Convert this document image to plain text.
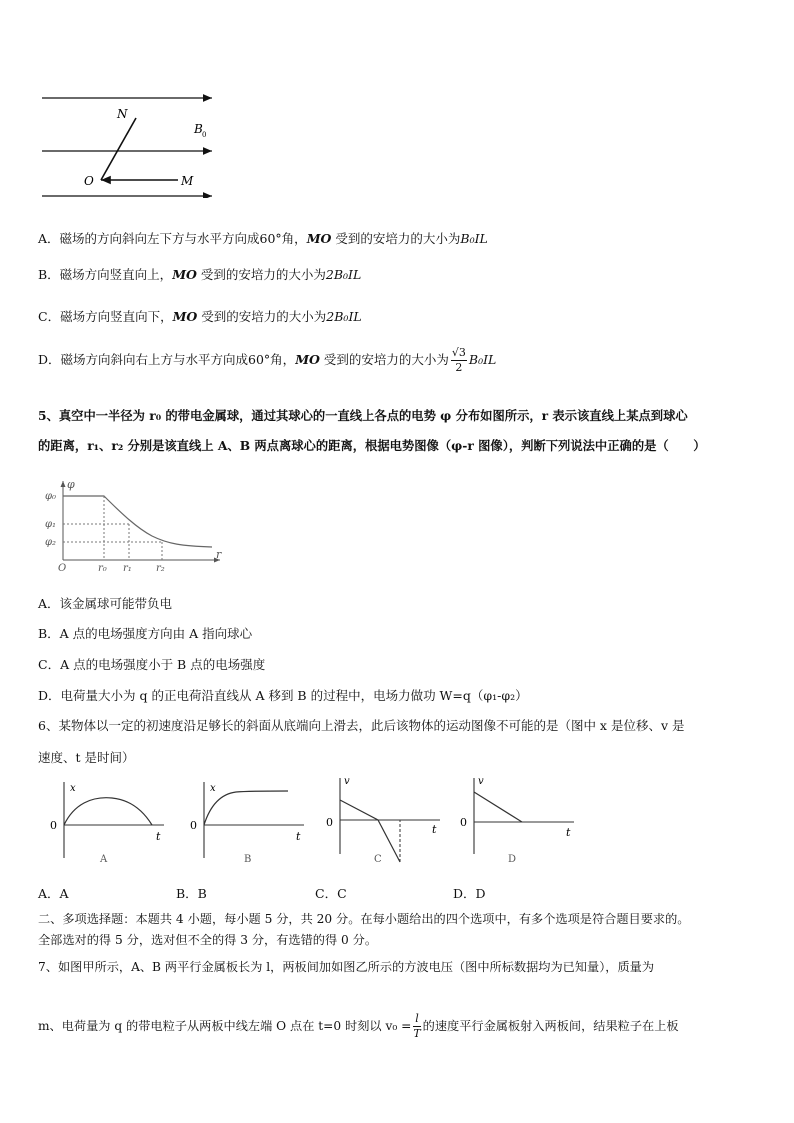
N
B 0
O	M
A．磁场的方向斜向左下方与水平方向成60°角，MO 受到的安培力的大小为B₀IL
B．磁场方向竖直向上，MO 受到的安培力的大小为2B₀IL
C．磁场方向竖直向下，MO 受到的安培力的大小为2B₀IL
D．磁场方向斜向右上方与水平方向成60°角，MO 受到的安培力的大小为 $\frac{√3}{2} B_0IL$
5、真空中一半径为 r₀ 的带电金属球，通过其球心的一直线上各点的电势 φ 分布如图所示，r 表示该直线上某点到球心
的距离，r₁、r₂ 分别是该直线上 A、B 两点离球心的距离，根据电势图像（φ-r 图像），判断下列说法中正确的是（　　）
φ
φ₀
φ₁
φ₂
O	r₀ r₁ r₂
r
A．该金属球可能带负电
B．A 点的电场强度方向由 A 指向球心
C．A 点的电场强度小于 B 点的电场强度
D．电荷量大小为 q 的正电荷沿直线从 A 移到 B 的过程中，电场力做功 W=q（φ₁-φ₂）
6、某物体以一定的初速度沿足够长的斜面从底端向上滑去，此后该物体的运动图像不可能的是（图中 x 是位移、v 是
速度、t 是时间）
x
0
t
A
x
0
t
B
v
0
t
C
v
0
t
D
A．A	B．B	C．C	D．D
二、多项选择题：本题共 4 小题，每小题 5 分，共 20 分。在每小题给出的四个选项中，有多个选项是符合题目要求的。
全部选对的得 5 分，选对但不全的得 3 分，有选错的得 0 分。
7、如图甲所示，A、B 两平行金属板长为 l，两板间加如图乙所示的方波电压（图中所标数据均为已知量），质量为
m、电荷量为 q 的带电粒子从两板中线左端 O 点在 t=0 时刻以 $v_0 = \frac{l}{T}$ 的速度平行金属板射入两板间，结果粒子在上板
